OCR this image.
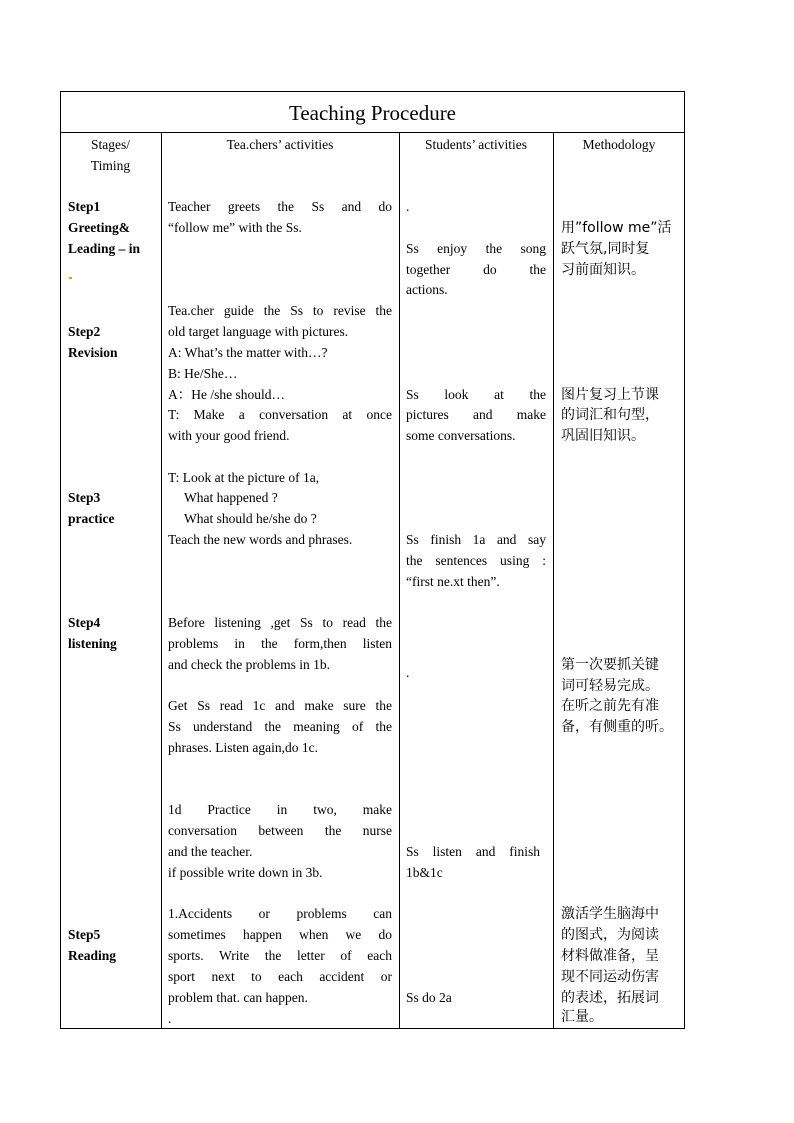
Teaching Procedure
Stages/
Timing
Tea.chers’ activities	Students’ activities	Methodology
Step1
Greeting&
Leading – in
Step2
Revision
Step3
practice
Step4
listening
Step5
Reading
Teacher greets the Ss and do
“follow me” with the Ss.
Tea.cher guide the Ss to revise the
old target language with pictures.
A: What’s the matter with…?
B: He/She…
A：He /she should…
T: Make a conversation at once
with your good friend.
T: Look at the picture of 1a,
What happened ?
What should he/she do ?
Teach the new words and phrases.
Before listening ,get Ss to read the
problems in the form,then listen
and check the problems in 1b.
Get Ss read 1c and make sure the
Ss understand the meaning of the
phrases. Listen again,do 1c.
1d Practice in two, make
conversation between the nurse
and the teacher.
if possible write down in 3b.
1.Accidents or problems can
sometimes happen when we do
sports. Write the letter of each
sport next to each accident or
problem that. can happen.
.
.
Ss enjoy the song
together do the
actions.
Ss look at the
pictures and make
some conversations.
Ss finish 1a and say
the sentences using :
“first ne.xt then”.
.
Ss listen and finish
1b&1c
Ss do 2a
用”follow me”活
跃气氛,同时复
习前面知识。
图片复习上节课
的词汇和句型，
巩固旧知识。
第一次要抓关键
词可轻易完成。
在听之前先有准
备，有侧重的听。
激活学生脑海中
的图式，为阅读
材料做准备，呈
现不同运动伤害
的表述，拓展词
汇量。
